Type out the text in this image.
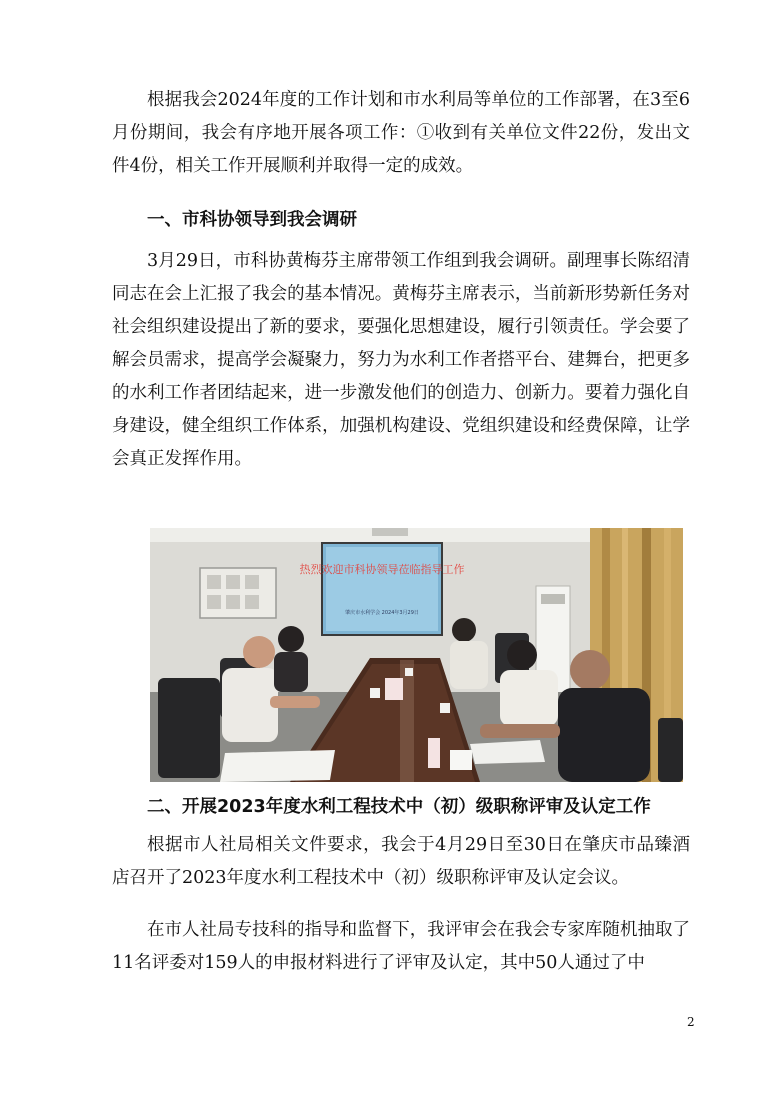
根据我会2024年度的工作计划和市水利局等单位的工作部署，在3至6月份期间，我会有序地开展各项工作：①收到有关单位文件22份，发出文件4份，相关工作开展顺利并取得一定的成效。

一、市科协领导到我会调研

3月29日，市科协黄梅芬主席带领工作组到我会调研。副理事长陈绍清同志在会上汇报了我会的基本情况。黄梅芬主席表示，当前新形势新任务对社会组织建设提出了新的要求，要强化思想建设，履行引领责任。学会要了解会员需求，提高学会凝聚力，努力为水利工作者搭平台、建舞台，把更多的水利工作者团结起来，进一步激发他们的创造力、创新力。要着力强化自身建设，健全组织工作体系，加强机构建设、党组织建设和经费保障，让学会真正发挥作用。

热烈欢迎市科协领导莅临指导工作
肇庆市水利学会 2024年3月29日

二、开展2023年度水利工程技术中（初）级职称评审及认定工作

根据市人社局相关文件要求，我会于4月29日至30日在肇庆市品臻酒店召开了2023年度水利工程技术中（初）级职称评审及认定会议。

在市人社局专技科的指导和监督下，我评审会在我会专家库随机抽取了11名评委对159人的申报材料进行了评审及认定，其中50人通过了中

2
